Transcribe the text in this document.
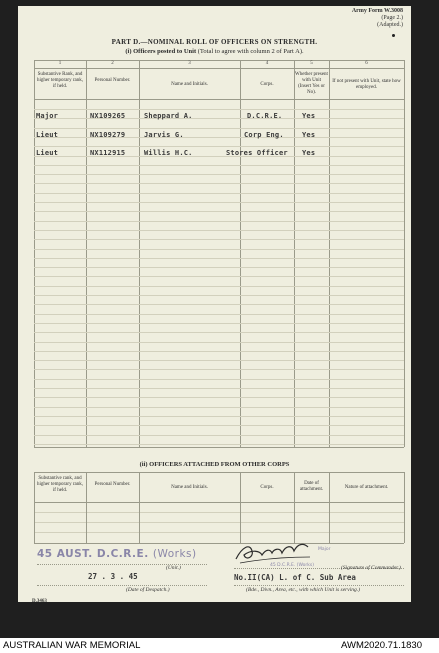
Army Form W.3008
(Page 2.)
(Adapted.)
PART D.—NOMINAL ROLL OF OFFICERS ON STRENGTH.
(i) Officers posted to Unit (Total to agree with column 2 of Part A).
1	2	3	4	5	6
Substantive Rank, and higher temporary rank, if held.
Personal Number.
Name and Initials.	Corps.
Whether present with Unit (Insert Yes or No).
If not present with Unit, state how employed.
Major	NX109265	Sheppard A.	D.C.R.E.	Yes
Lieut	NX109279	Jarvis G.	Corp Eng.	Yes
Lieut	NX112915	Willis H.C.	Stores Officer Yes
(ii) OFFICERS ATTACHED FROM OTHER CORPS
Substantive rank, and higher temporary rank, if held.
Personal Number.
Name and Initials.	Corps.
Date of attachment.	Nature of attachment.
45 AUST. D.C.R.E. (Works)
(Unit.)
27 . 3 . 45
(Date of Despatch.)
Major
45 D.C.R.E. (Works)	(Signature of Commander.)
No.II(CA) L. of C. Sub Area
(Bde., Divn., Area, etc., with which Unit is serving.)
D.3463
AUSTRALIAN WAR MEMORIAL	AWM2020.71.1830
